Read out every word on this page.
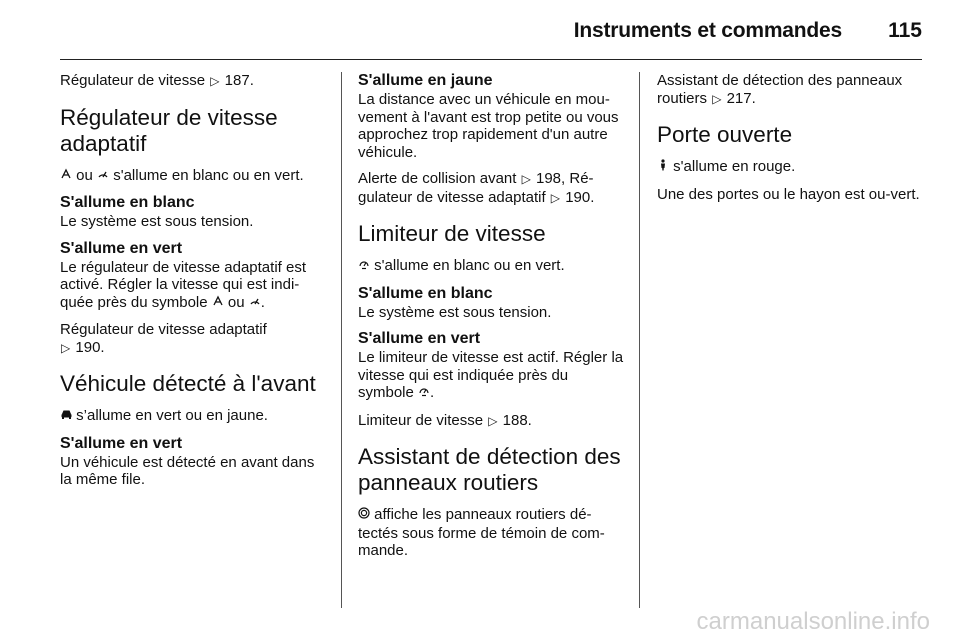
Instruments et commandes 115

Régulateur de vitesse ▷ 187.

Régulateur de vitesse adaptatif

ou  s'allume en blanc ou en vert.

S'allume en blanc

Le système est sous tension.

S'allume en vert

Le régulateur de vitesse adaptatif est activé. Régler la vitesse qui est indi-quée près du symbole  ou .

Régulateur de vitesse adaptatif
▷ 190.

Véhicule détecté à l'avant

s’allume en vert ou en jaune.

S'allume en vert

Un véhicule est détecté en avant dans la même file.

S'allume en jaune

La distance avec un véhicule en mou-vement à l'avant est trop petite ou vous approchez trop rapidement d'un autre véhicule.

Alerte de collision avant ▷ 198, Ré-gulateur de vitesse adaptatif ▷ 190.

Limiteur de vitesse

s'allume en blanc ou en vert.

S'allume en blanc

Le système est sous tension.

S'allume en vert

Le limiteur de vitesse est actif. Régler la vitesse qui est indiquée près du symbole .

Limiteur de vitesse ▷ 188.

Assistant de détection des panneaux routiers

affiche les panneaux routiers dé-tectés sous forme de témoin de com-mande.

Assistant de détection des panneaux routiers ▷ 217.

Porte ouverte

s'allume en rouge.

Une des portes ou le hayon est ou-vert.

carmanualsonline.info
